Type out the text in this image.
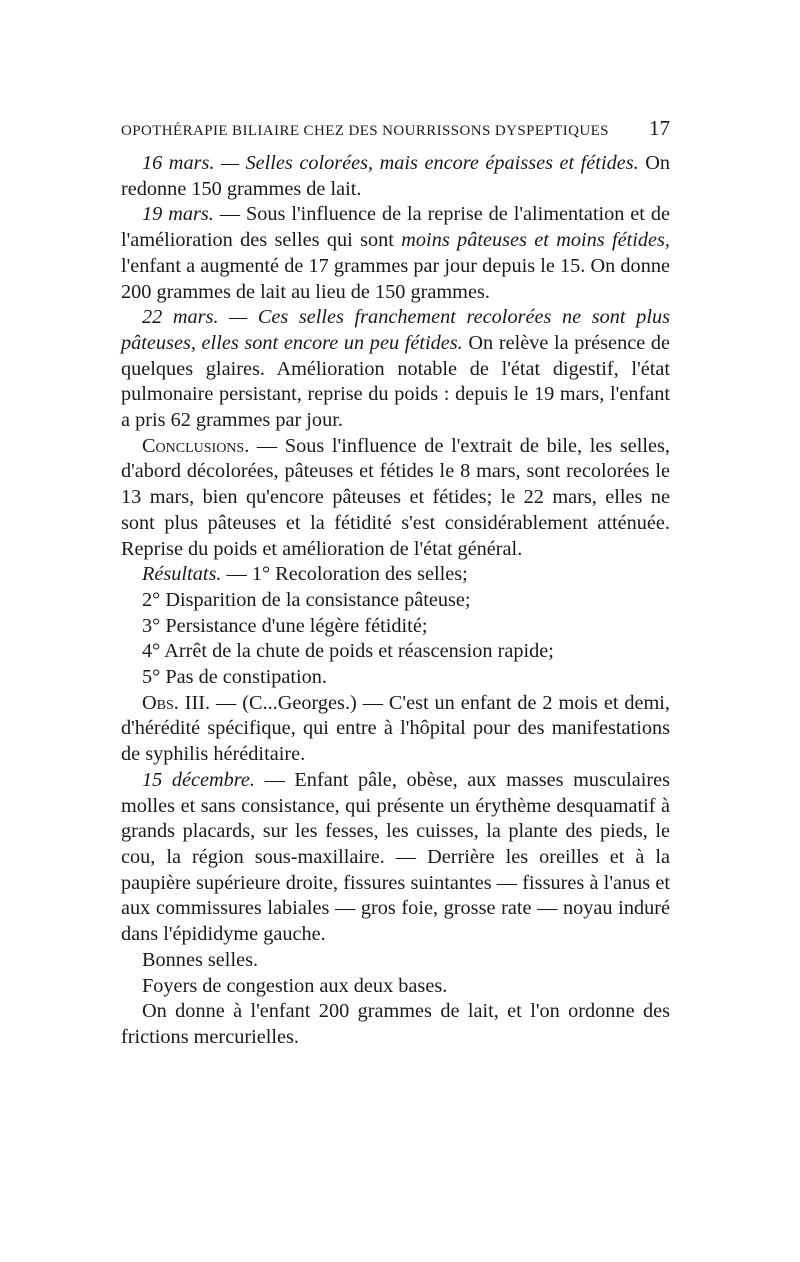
OPOTHÉRAPIE BILIAIRE CHEZ DES NOURRISSONS DYSPEPTIQUES 17

16 mars. — Selles colorées, mais encore épaisses et fétides. On redonne 150 grammes de lait.

19 mars. — Sous l'influence de la reprise de l'alimentation et de l'amélioration des selles qui sont moins pâteuses et moins fétides, l'enfant a augmenté de 17 grammes par jour depuis le 15. On donne 200 grammes de lait au lieu de 150 grammes.

22 mars. — Ces selles franchement recolorées ne sont plus pâteuses, elles sont encore un peu fétides. On relève la présence de quelques glaires. Amélioration notable de l'état digestif, l'état pulmonaire persistant, reprise du poids : depuis le 19 mars, l'enfant a pris 62 grammes par jour.

Conclusions. — Sous l'influence de l'extrait de bile, les selles, d'abord décolorées, pâteuses et fétides le 8 mars, sont recolorées le 13 mars, bien qu'encore pâteuses et fétides; le 22 mars, elles ne sont plus pâteuses et la fétidité s'est considérablement atténuée. Reprise du poids et amélioration de l'état général.

Résultats. — 1° Recoloration des selles;

2° Disparition de la consistance pâteuse;

3° Persistance d'une légère fétidité;

4° Arrêt de la chute de poids et réascension rapide;

5° Pas de constipation.

Obs. III. — (C...Georges.) — C'est un enfant de 2 mois et demi, d'hérédité spécifique, qui entre à l'hôpital pour des manifestations de syphilis héréditaire.

15 décembre. — Enfant pâle, obèse, aux masses musculaires molles et sans consistance, qui présente un érythème desquamatif à grands placards, sur les fesses, les cuisses, la plante des pieds, le cou, la région sous-maxillaire. — Derrière les oreilles et à la paupière supérieure droite, fissures suintantes — fissures à l'anus et aux commissures labiales — gros foie, grosse rate — noyau induré dans l'épididyme gauche.

Bonnes selles.

Foyers de congestion aux deux bases.

On donne à l'enfant 200 grammes de lait, et l'on ordonne des frictions mercurielles.
